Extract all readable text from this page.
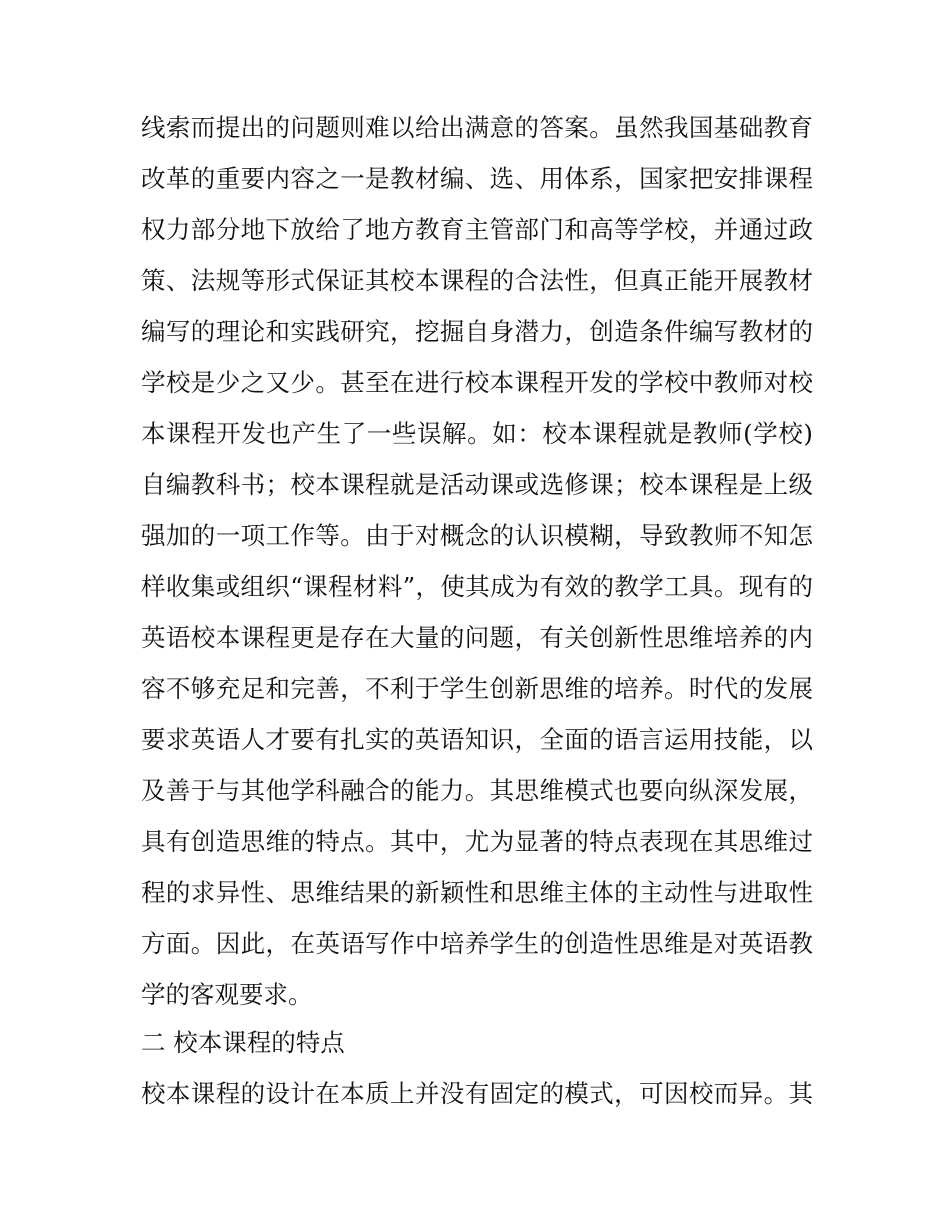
线索而提出的问题则难以给出满意的答案。虽然我国基础教育
改革的重要内容之一是教材编、选、用体系，国家把安排课程
权力部分地下放给了地方教育主管部门和高等学校，并通过政
策、法规等形式保证其校本课程的合法性，但真正能开展教材
编写的理论和实践研究，挖掘自身潜力，创造条件编写教材的
学校是少之又少。甚至在进行校本课程开发的学校中教师对校
本课程开发也产生了一些误解。如：校本课程就是教师(学校)
自编教科书；校本课程就是活动课或选修课；校本课程是上级
强加的一项工作等。由于对概念的认识模糊，导致教师不知怎
样收集或组织“课程材料”，使其成为有效的教学工具。现有的
英语校本课程更是存在大量的问题，有关创新性思维培养的内
容不够充足和完善，不利于学生创新思维的培养。时代的发展
要求英语人才要有扎实的英语知识，全面的语言运用技能，以
及善于与其他学科融合的能力。其思维模式也要向纵深发展，
具有创造思维的特点。其中，尤为显著的特点表现在其思维过
程的求异性、思维结果的新颖性和思维主体的主动性与进取性
方面。因此，在英语写作中培养学生的创造性思维是对英语教
学的客观要求。
二 校本课程的特点
校本课程的设计在本质上并没有固定的模式，可因校而异。其
